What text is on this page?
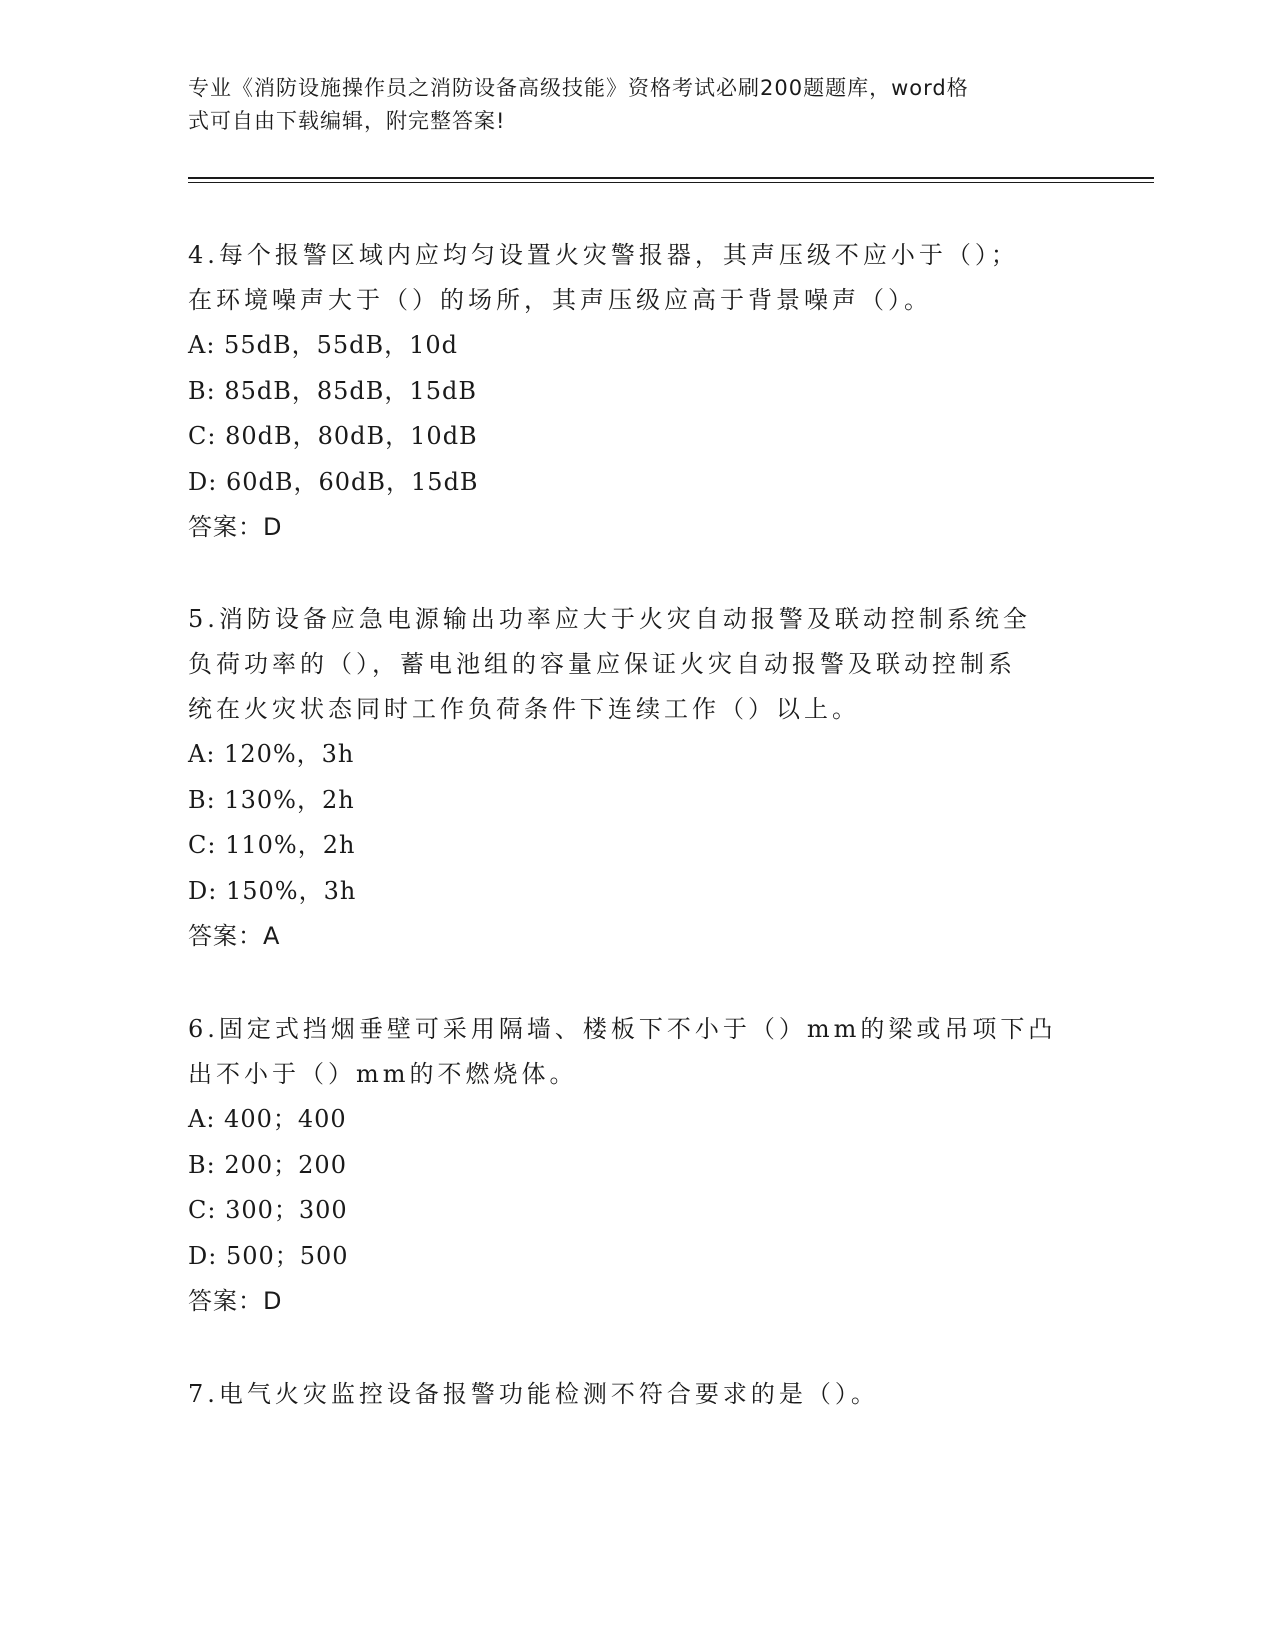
专业《消防设施操作员之消防设备高级技能》资格考试必刷200题题库，word格
式可自由下载编辑，附完整答案!
4.每个报警区域内应均匀设置火灾警报器，其声压级不应小于（）；
在环境噪声大于（）的场所，其声压级应高于背景噪声（）。
A: 55dB，55dB，10d
B: 85dB，85dB，15dB
C: 80dB，80dB，10dB
D: 60dB，60dB，15dB
答案：D
5.消防设备应急电源输出功率应大于火灾自动报警及联动控制系统全
负荷功率的（），蓄电池组的容量应保证火灾自动报警及联动控制系
统在火灾状态同时工作负荷条件下连续工作（）以上。
A: 120%，3h
B: 130%，2h
C: 110%，2h
D: 150%，3h
答案：A
6.固定式挡烟垂壁可采用隔墙、楼板下不小于（）mm的梁或吊项下凸
出不小于（）mm的不燃烧体。
A: 400；400
B: 200；200
C: 300；300
D: 500；500
答案：D
7.电气火灾监控设备报警功能检测不符合要求的是（）。
